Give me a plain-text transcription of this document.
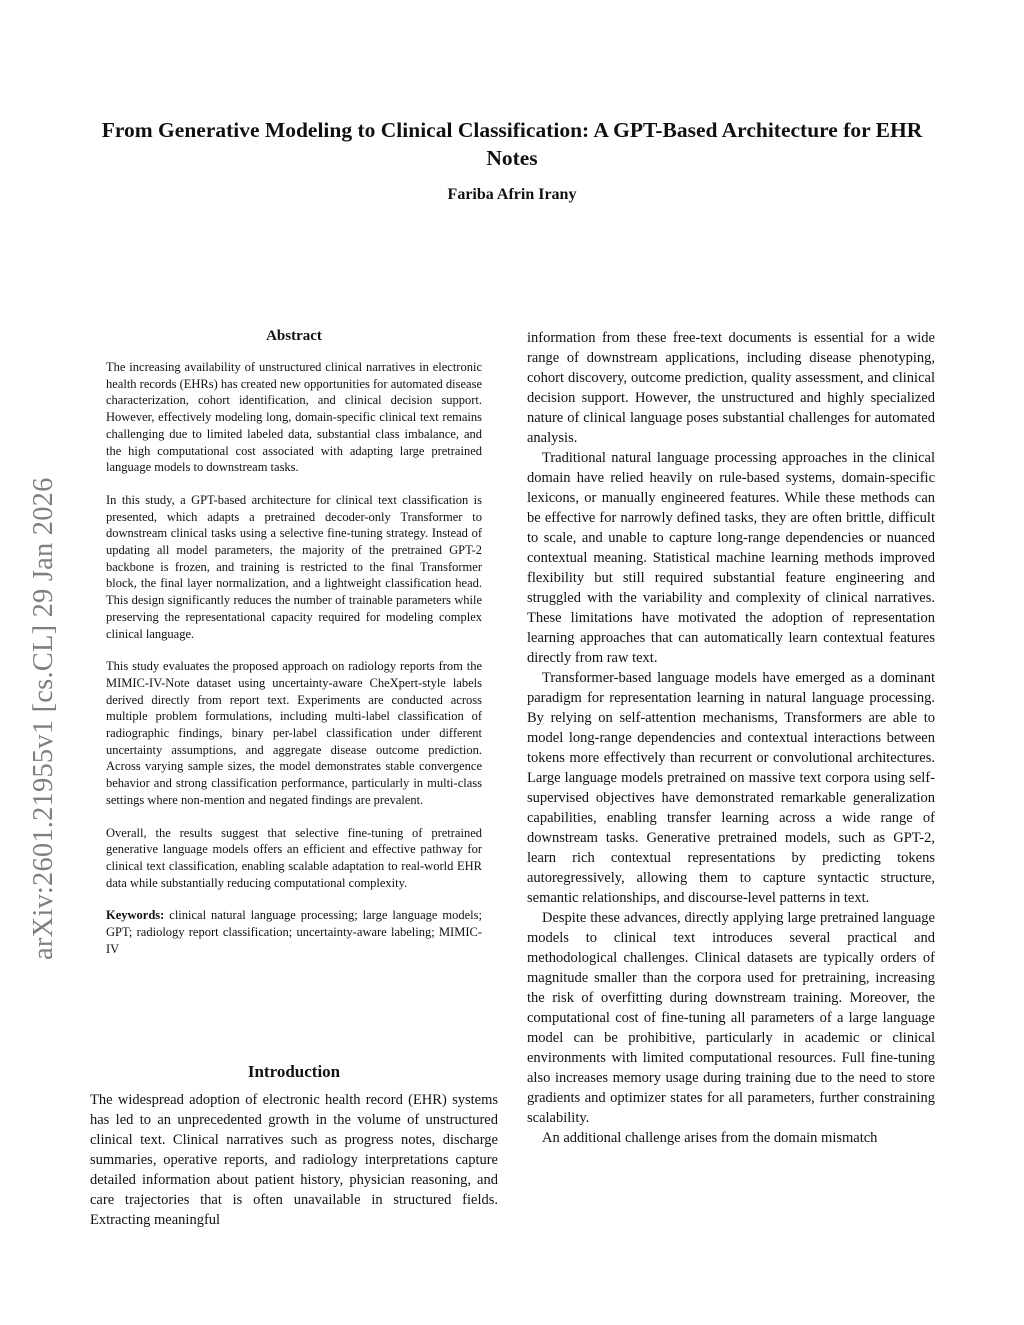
From Generative Modeling to Clinical Classification: A GPT-Based Architecture for EHR Notes
Fariba Afrin Irany
arXiv:2601.21955v1 [cs.CL] 29 Jan 2026
Abstract

The increasing availability of unstructured clinical narratives in electronic health records (EHRs) has created new opportunities for automated disease characterization, cohort identification, and clinical decision support. However, effectively modeling long, domain-specific clinical text remains challenging due to limited labeled data, substantial class imbalance, and the high computational cost associated with adapting large pretrained language models to downstream tasks.

In this study, a GPT-based architecture for clinical text classification is presented, which adapts a pretrained decoder-only Transformer to downstream clinical tasks using a selective fine-tuning strategy. Instead of updating all model parameters, the majority of the pretrained GPT-2 backbone is frozen, and training is restricted to the final Transformer block, the final layer normalization, and a lightweight classification head. This design significantly reduces the number of trainable parameters while preserving the representational capacity required for modeling complex clinical language.

This study evaluates the proposed approach on radiology reports from the MIMIC-IV-Note dataset using uncertainty-aware CheXpert-style labels derived directly from report text. Experiments are conducted across multiple problem formulations, including multi-label classification of radiographic findings, binary per-label classification under different uncertainty assumptions, and aggregate disease outcome prediction. Across varying sample sizes, the model demonstrates stable convergence behavior and strong classification performance, particularly in multi-class settings where non-mention and negated findings are prevalent.

Overall, the results suggest that selective fine-tuning of pretrained generative language models offers an efficient and effective pathway for clinical text classification, enabling scalable adaptation to real-world EHR data while substantially reducing computational complexity.

Keywords: clinical natural language processing; large language models; GPT; radiology report classification; uncertainty-aware labeling; MIMIC-IV

Introduction

The widespread adoption of electronic health record (EHR) systems has led to an unprecedented growth in the volume of unstructured clinical text. Clinical narratives such as progress notes, discharge summaries, operative reports, and radiology interpretations capture detailed information about patient history, physician reasoning, and care trajectories that is often unavailable in structured fields. Extracting meaningful

information from these free-text documents is essential for a wide range of downstream applications, including disease phenotyping, cohort discovery, outcome prediction, quality assessment, and clinical decision support. However, the unstructured and highly specialized nature of clinical language poses substantial challenges for automated analysis.

Traditional natural language processing approaches in the clinical domain have relied heavily on rule-based systems, domain-specific lexicons, or manually engineered features. While these methods can be effective for narrowly defined tasks, they are often brittle, difficult to scale, and unable to capture long-range dependencies or nuanced contextual meaning. Statistical machine learning methods improved flexibility but still required substantial feature engineering and struggled with the variability and complexity of clinical narratives. These limitations have motivated the adoption of representation learning approaches that can automatically learn contextual features directly from raw text.

Transformer-based language models have emerged as a dominant paradigm for representation learning in natural language processing. By relying on self-attention mechanisms, Transformers are able to model long-range dependencies and contextual interactions between tokens more effectively than recurrent or convolutional architectures. Large language models pretrained on massive text corpora using self-supervised objectives have demonstrated remarkable generalization capabilities, enabling transfer learning across a wide range of downstream tasks. Generative pretrained models, such as GPT-2, learn rich contextual representations by predicting tokens autoregressively, allowing them to capture syntactic structure, semantic relationships, and discourse-level patterns in text.

Despite these advances, directly applying large pretrained language models to clinical text introduces several practical and methodological challenges. Clinical datasets are typically orders of magnitude smaller than the corpora used for pretraining, increasing the risk of overfitting during downstream training. Moreover, the computational cost of fine-tuning all parameters of a large language model can be prohibitive, particularly in academic or clinical environments with limited computational resources. Full fine-tuning also increases memory usage during training due to the need to store gradients and optimizer states for all parameters, further constraining scalability.

An additional challenge arises from the domain mismatch
